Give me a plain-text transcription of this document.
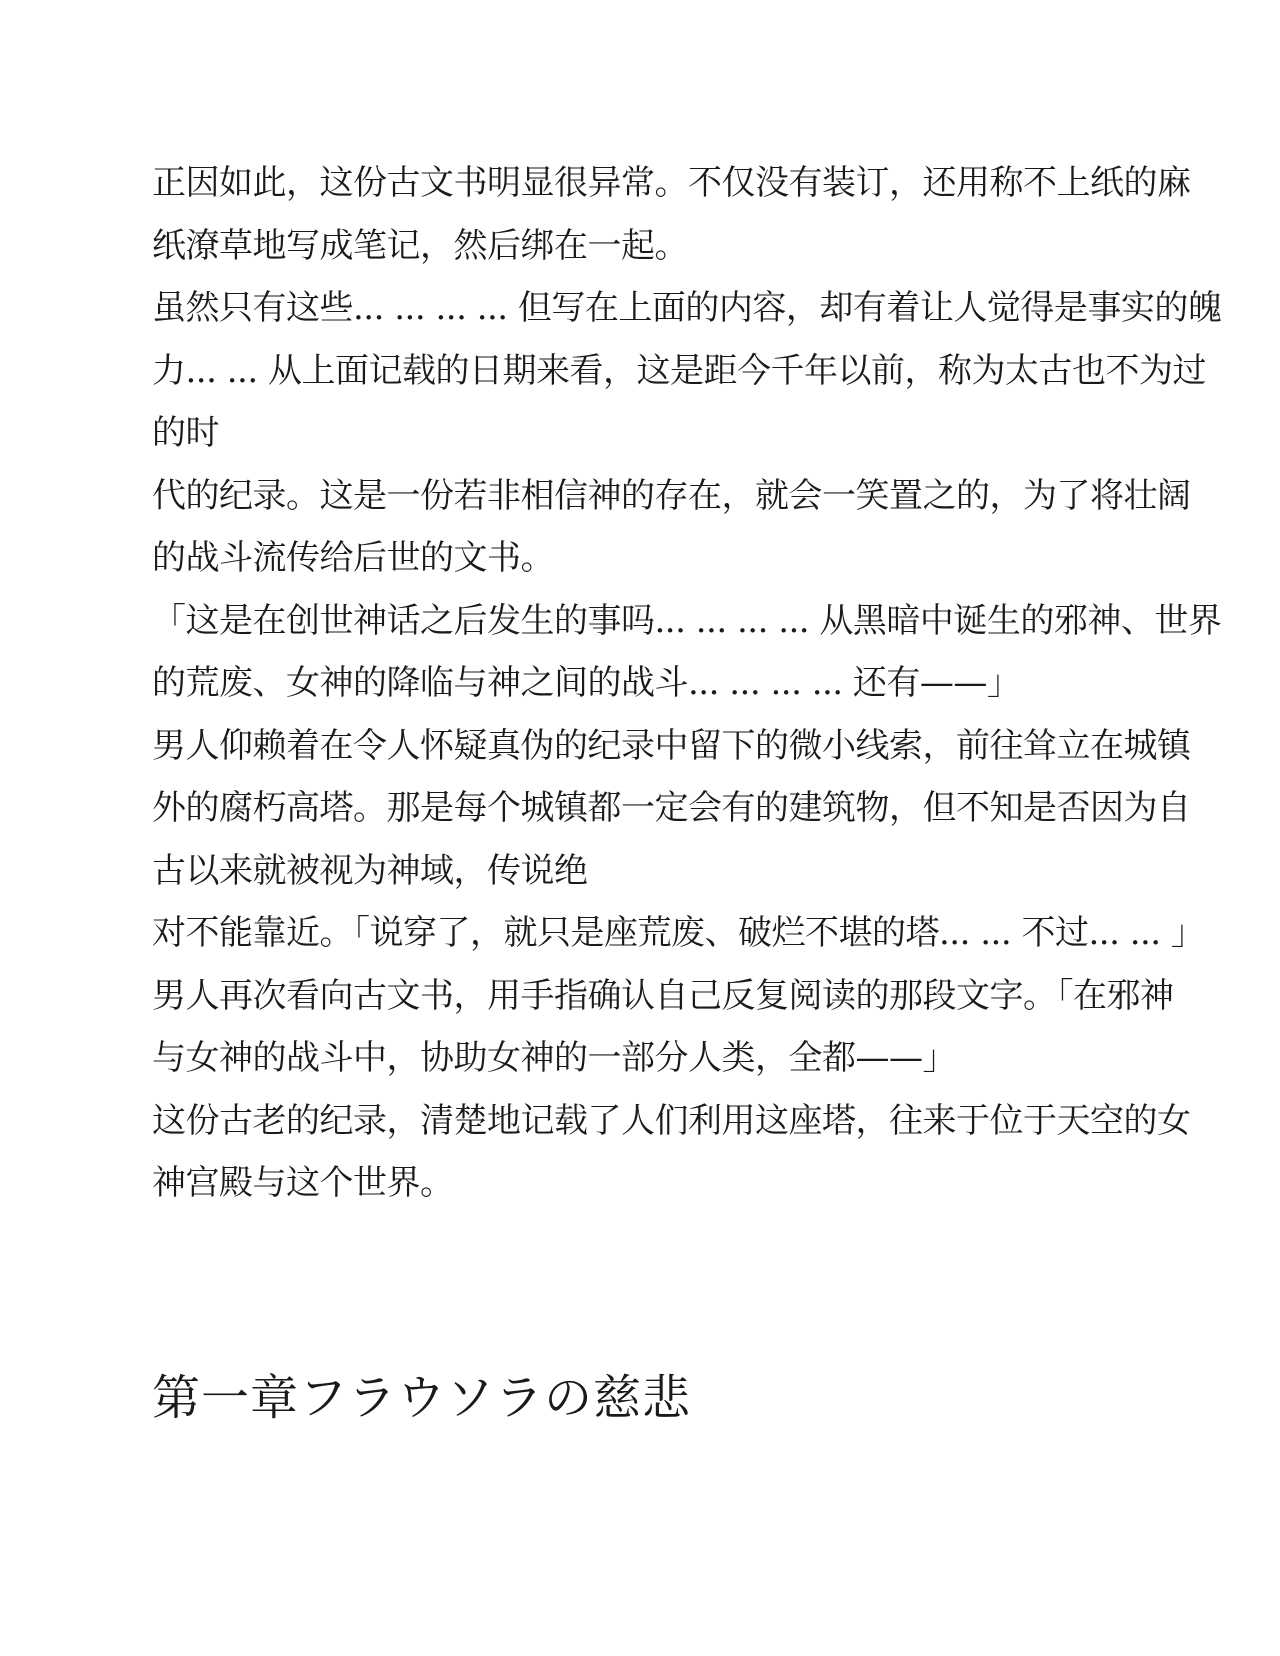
正因如此，这份古文书明显很异常。不仅没有装订，还用称不上纸的麻
纸潦草地写成笔记，然后绑在一起。
虽然只有这些... ... ... ... 但写在上面的内容，却有着让人觉得是事实的魄
力... ... 从上面记载的日期来看，这是距今千年以前，称为太古也不为过
的时
代的纪录。这是一份若非相信神的存在，就会一笑置之的，为了将壮阔
的战斗流传给后世的文书。
「这是在创世神话之后发生的事吗... ... ... ... 从黑暗中诞生的邪神、世界
的荒废、女神的降临与神之间的战斗... ... ... ... 还有——」
男人仰赖着在令人怀疑真伪的纪录中留下的微小线索，前往耸立在城镇
外的腐朽高塔。那是每个城镇都一定会有的建筑物，但不知是否因为自
古以来就被视为神域，传说绝
对不能靠近。「说穿了，就只是座荒废、破烂不堪的塔... ... 不过... ... 」
男人再次看向古文书，用手指确认自己反复阅读的那段文字。「在邪神
与女神的战斗中，协助女神的一部分人类，全都——」
这份古老的纪录，清楚地记载了人们利用这座塔，往来于位于天空的女
神宫殿与这个世界。
第一章フラウソラの慈悲
